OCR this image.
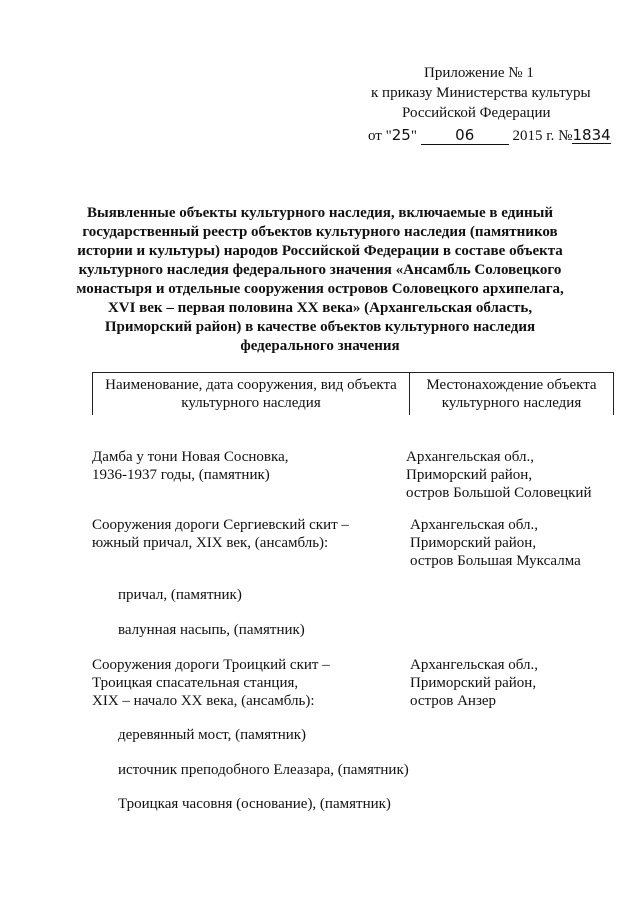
Приложение № 1
к приказу Министерства культуры
Российской Федерации
от "25"	06	2015 г. №1834
Выявленные объекты культурного наследия, включаемые в единый
государственный реестр объектов культурного наследия (памятников
истории и культуры) народов Российской Федерации в составе объекта
культурного наследия федерального значения «Ансамбль Соловецкого
монастыря и отдельные сооружения островов Соловецкого архипелага,
XVI век – первая половина XX века» (Архангельская область,
Приморский район) в качестве объектов культурного наследия
федерального значения
Наименование, дата сооружения, вид объекта
культурного наследия
Местонахождение объекта
культурного наследия
Дамба у тони Новая Сосновка,
1936-1937 годы, (памятник)
Архангельская обл.,
Приморский район,
остров Большой Соловецкий
Сооружения дороги Сергиевский скит –
южный причал, XIX век, (ансамбль):
Архангельская обл.,
Приморский район,
остров Большая Муксалма
причал, (памятник)
валунная насыпь, (памятник)
Сооружения дороги Троицкий скит –
Троицкая спасательная станция,
XIX – начало XX века, (ансамбль):
Архангельская обл.,
Приморский район,
остров Анзер
деревянный мост, (памятник)
источник преподобного Елеазара, (памятник)
Троицкая часовня (основание), (памятник)
